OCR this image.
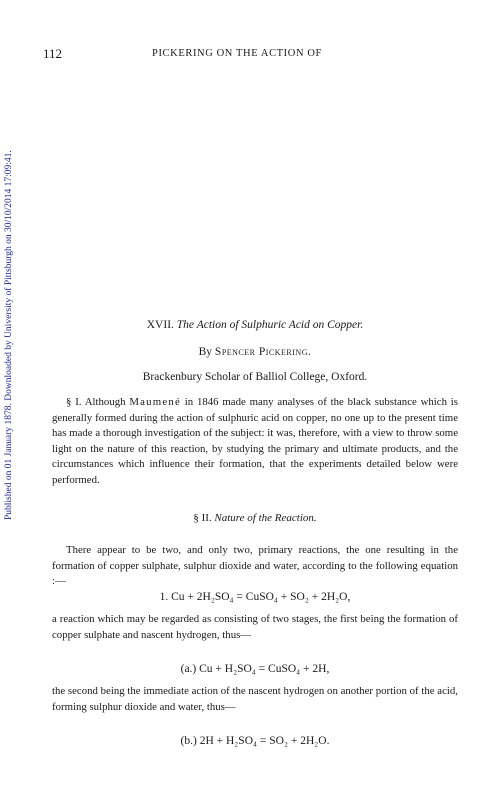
Published on 01 January 1878. Downloaded by University of Pittsburgh on 30/10/2014 17:09:41.
112	PICKERING ON THE ACTION OF
XVII. The Action of Sulphuric Acid on Copper.
By Spencer Pickering.
Brackenbury Scholar of Balliol College, Oxford.

§ I. Although Maumené in 1846 made many analyses of the black substance which is generally formed during the action of sulphuric acid on copper, no one up to the present time has made a thorough investigation of the subject: it was, therefore, with a view to throw some light on the nature of this reaction, by studying the primary and ultimate products, and the circumstances which influence their formation, that the experiments detailed below were performed.

§ II. Nature of the Reaction.

There appear to be two, and only two, primary reactions, the one resulting in the formation of copper sulphate, sulphur dioxide and water, according to the following equation :—

1. Cu + 2H₂SO₄ = CuSO₄ + SO₂ + 2H₂O,

a reaction which may be regarded as consisting of two stages, the first being the formation of copper sulphate and nascent hydrogen, thus—

(a.) Cu + H₂SO₄ = CuSO₄ + 2H,

the second being the immediate action of the nascent hydrogen on another portion of the acid, forming sulphur dioxide and water, thus—

(b.) 2H + H₂SO₄ = SO₂ + 2H₂O.
